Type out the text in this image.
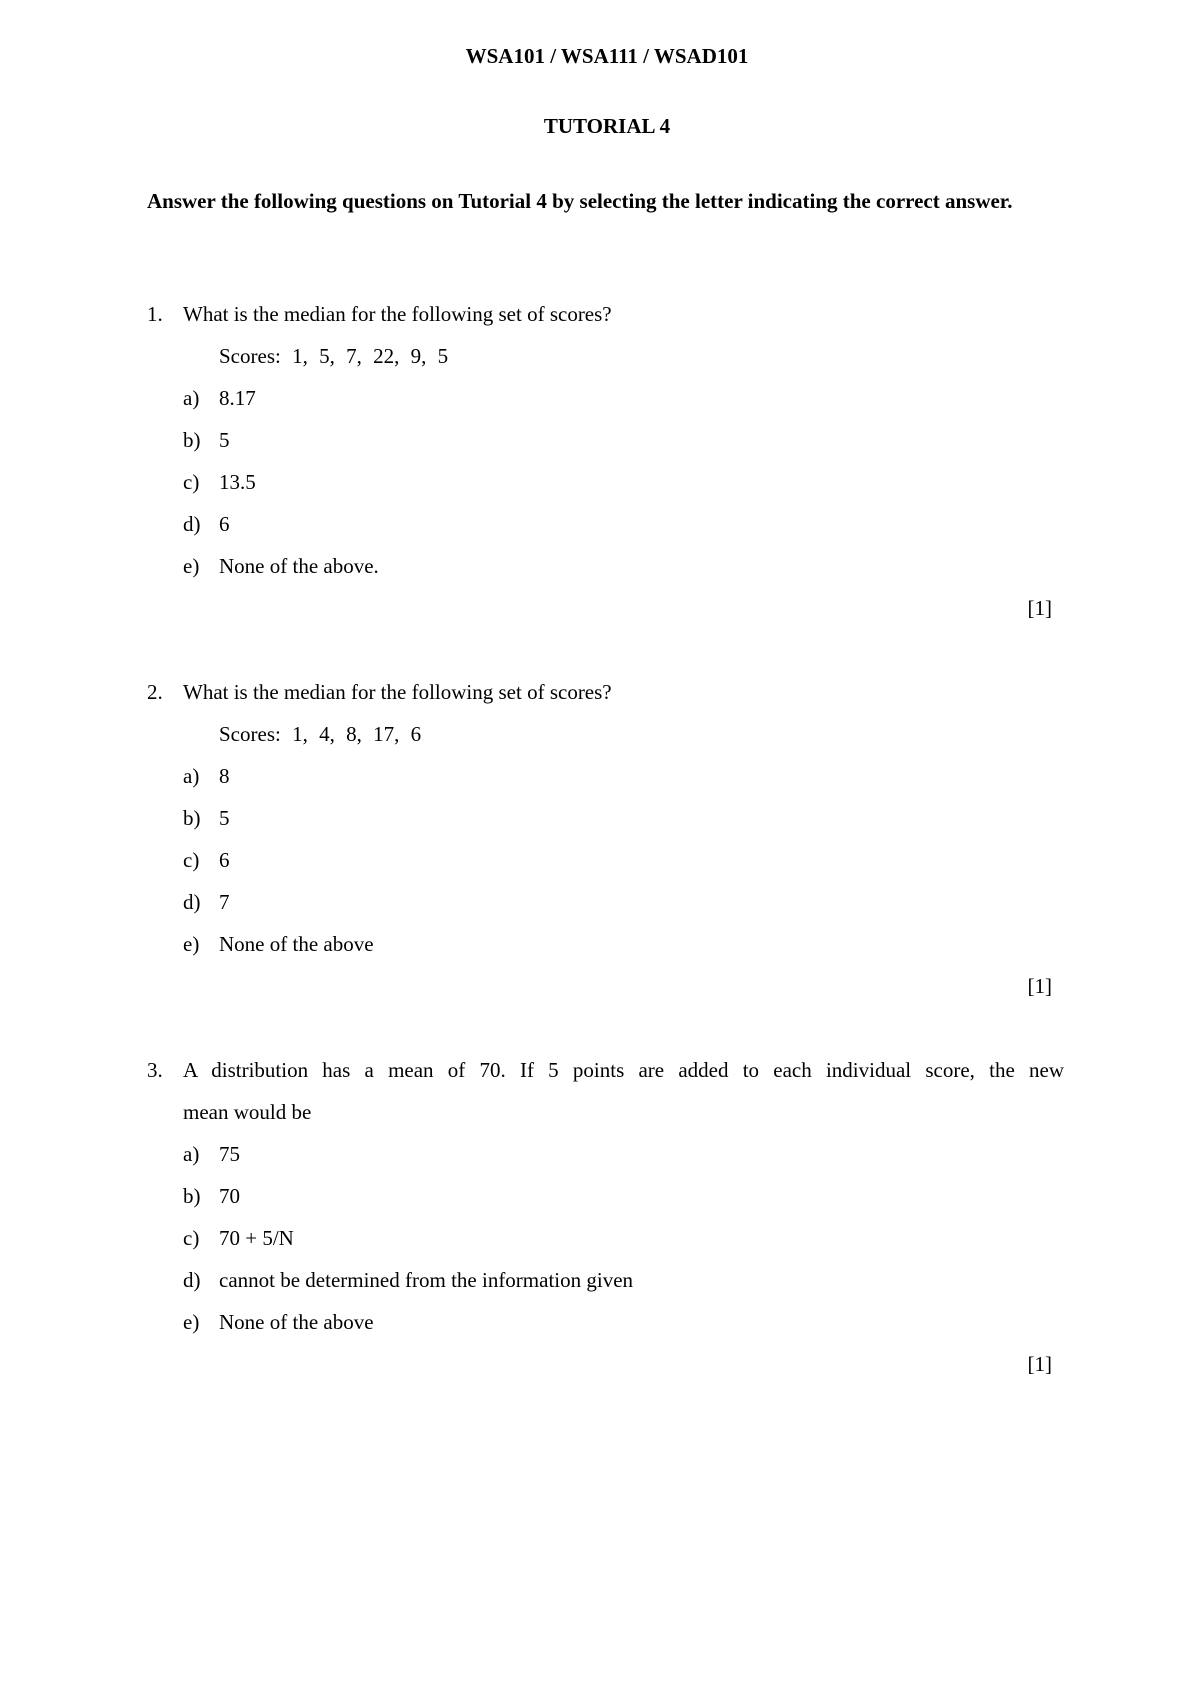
WSA101 / WSA111 / WSAD101
TUTORIAL 4
Answer the following questions on Tutorial 4 by selecting the letter indicating the correct answer.
1. What is the median for the following set of scores?
Scores: 1, 5, 7, 22, 9, 5
a) 8.17
b) 5
c) 13.5
d) 6
e) None of the above.
[1]
2. What is the median for the following set of scores?
Scores: 1, 4, 8, 17, 6
a) 8
b) 5
c) 6
d) 7
e) None of the above
[1]
3. A distribution has a mean of 70. If 5 points are added to each individual score, the new
mean would be
a) 75
b) 70
c) 70 + 5/N
d) cannot be determined from the information given
e) None of the above
[1]
